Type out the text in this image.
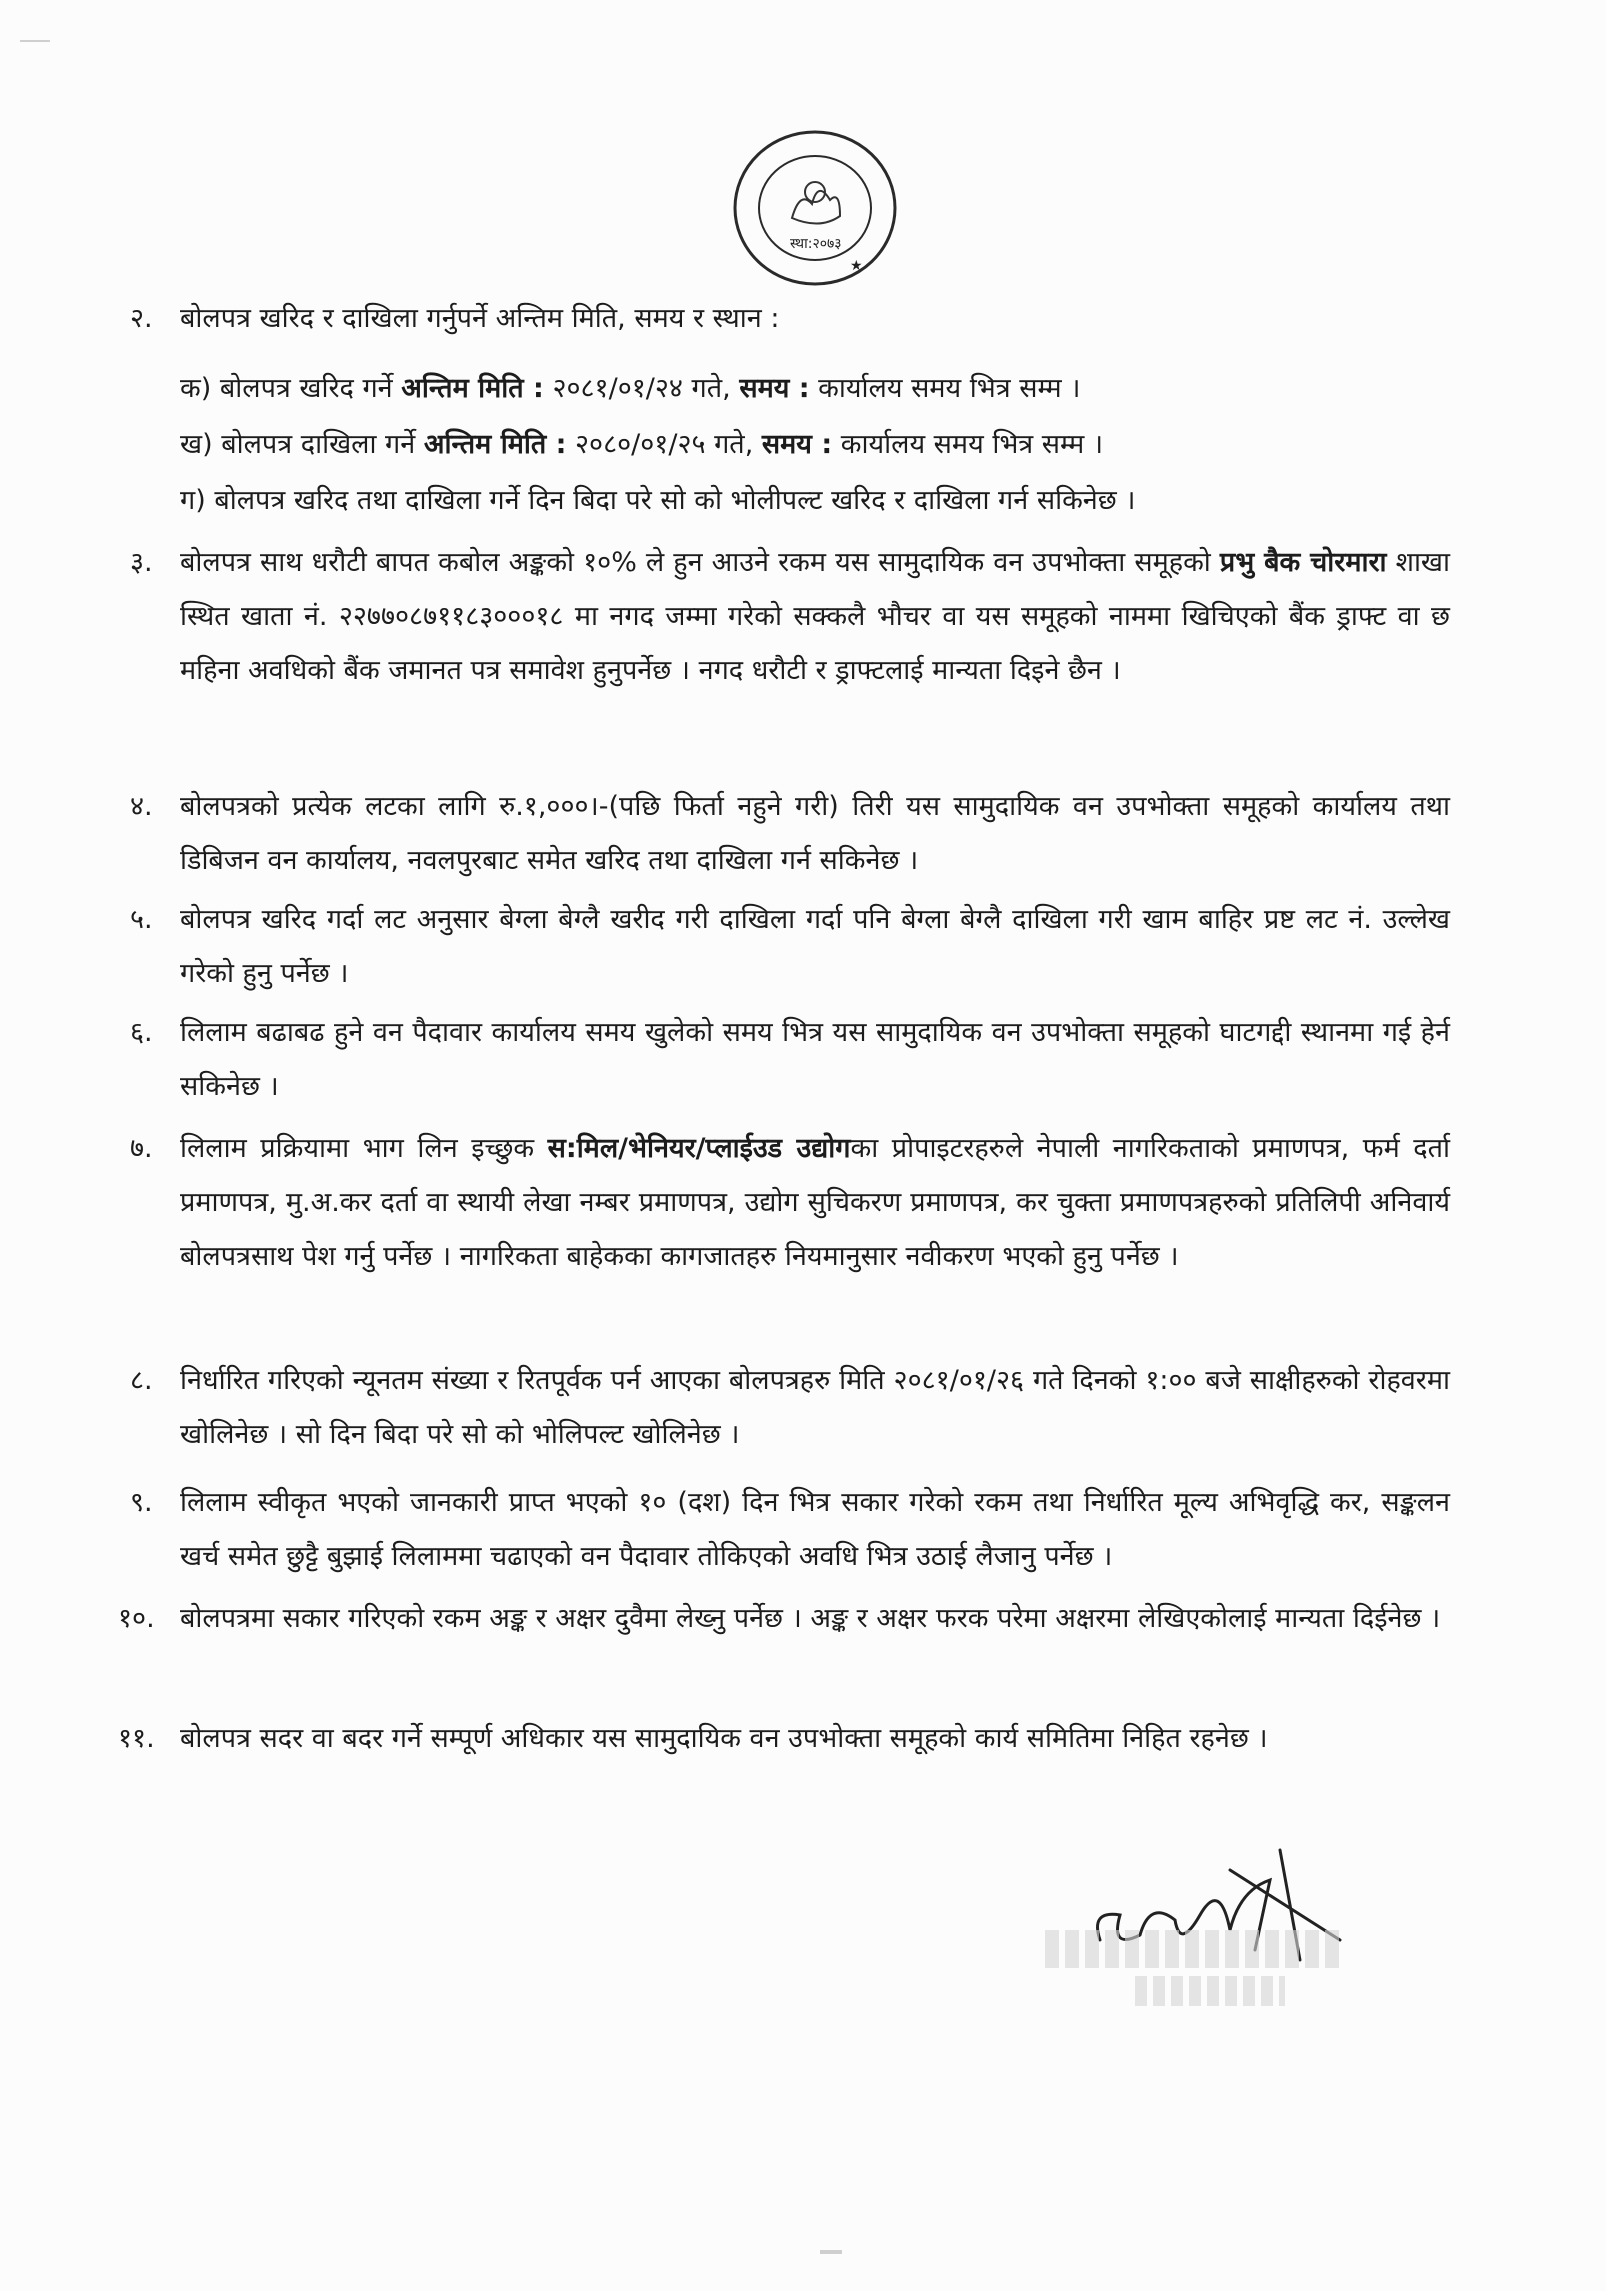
★
स्था:२०७३
२. बोलपत्र खरिद र दाखिला गर्नुपर्ने अन्तिम मिति, समय र स्थान :
क) बोलपत्र खरिद गर्ने अन्तिम मिति : २०८१/०१/२४ गते, समय : कार्यालय समय भित्र सम्म ।
ख) बोलपत्र दाखिला गर्ने अन्तिम मिति : २०८०/०१/२५ गते, समय : कार्यालय समय भित्र सम्म ।
ग) बोलपत्र खरिद तथा दाखिला गर्ने दिन बिदा परे सो को भोलीपल्ट खरिद र दाखिला गर्न सकिनेछ ।
३. बोलपत्र साथ धरौटी बापत कबोल अङ्कको १०% ले हुन आउने रकम यस सामुदायिक वन उपभोक्ता समूहको प्रभु बैक चोरमारा शाखा स्थित खाता नं. २२७७०८७११८३०००१८ मा नगद जम्मा गरेको सक्कलै भौचर वा यस समूहको नाममा खिचिएको बैंक ड्राफ्ट वा छ महिना अवधिको बैंक जमानत पत्र समावेश हुनुपर्नेछ । नगद धरौटी र ड्राफ्टलाई मान्यता दिइने छैन ।
४. बोलपत्रको प्रत्येक लटका लागि रु.१,०००।-(पछि फिर्ता नहुने गरी) तिरी यस सामुदायिक वन उपभोक्ता समूहको कार्यालय तथा डिबिजन वन कार्यालय, नवलपुरबाट समेत खरिद तथा दाखिला गर्न सकिनेछ ।
५. बोलपत्र खरिद गर्दा लट अनुसार बेग्ला बेग्लै खरीद गरी दाखिला गर्दा पनि बेग्ला बेग्लै दाखिला गरी खाम बाहिर प्रष्ट लट नं. उल्लेख गरेको हुनु पर्नेछ ।
६. लिलाम बढाबढ हुने वन पैदावार कार्यालय समय खुलेको समय भित्र यस सामुदायिक वन उपभोक्ता समूहको घाटगद्दी स्थानमा गई हेर्न सकिनेछ ।
७. लिलाम प्रक्रियामा भाग लिन इच्छुक स:मिल/भेनियर/प्लाईउड उद्योगका प्रोपाइटरहरुले नेपाली नागरिकताको प्रमाणपत्र, फर्म दर्ता प्रमाणपत्र, मु.अ.कर दर्ता वा स्थायी लेखा नम्बर प्रमाणपत्र, उद्योग सुचिकरण प्रमाणपत्र, कर चुक्ता प्रमाणपत्रहरुको प्रतिलिपी अनिवार्य बोलपत्रसाथ पेश गर्नु पर्नेछ । नागरिकता बाहेकका कागजातहरु नियमानुसार नवीकरण भएको हुनु पर्नेछ ।
८. निर्धारित गरिएको न्यूनतम संख्या र रितपूर्वक पर्न आएका बोलपत्रहरु मिति २०८१/०१/२६ गते दिनको १:०० बजे साक्षीहरुको रोहवरमा खोलिनेछ । सो दिन बिदा परे सो को भोलिपल्ट खोलिनेछ ।
९. लिलाम स्वीकृत भएको जानकारी प्राप्त भएको १० (दश) दिन भित्र सकार गरेको रकम तथा निर्धारित मूल्य अभिवृद्धि कर, सङ्कलन खर्च समेत छुट्टै बुझाई लिलाममा चढाएको वन पैदावार तोकिएको अवधि भित्र उठाई लैजानु पर्नेछ ।
१०. बोलपत्रमा सकार गरिएको रकम अङ्क र अक्षर दुवैमा लेख्नु पर्नेछ । अङ्क र अक्षर फरक परेमा अक्षरमा लेखिएकोलाई मान्यता दिईनेछ ।
११. बोलपत्र सदर वा बदर गर्ने सम्पूर्ण अधिकार यस सामुदायिक वन उपभोक्ता समूहको कार्य समितिमा निहित रहनेछ ।
